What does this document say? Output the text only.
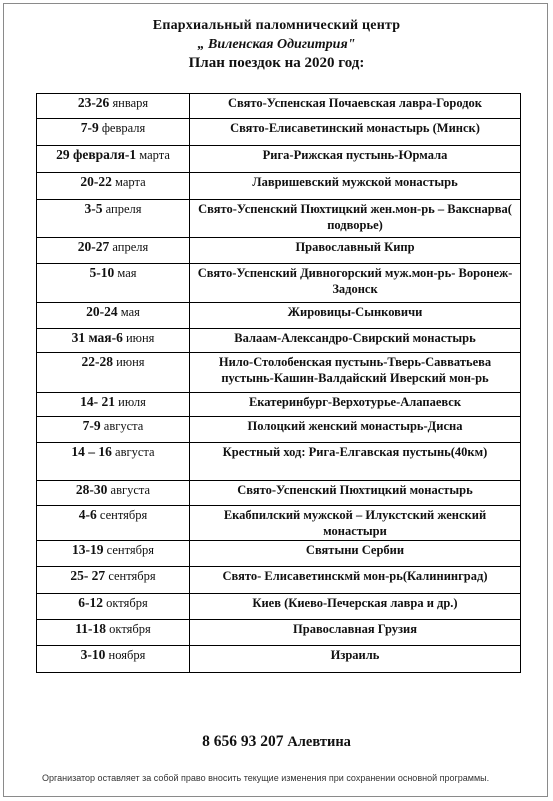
Епархиальный паломнический центр
„ Виленская Одигитрия"
План поездок на 2020 год:
23-26 января	Свято-Успенская Почаевская лавра-Городок
7-9 февраля	Свято-Елисаветинский монастырь (Минск)
29 февраля-1 марта	Рига-Рижская пустынь-Юрмала
20-22 марта	Лавришевский мужской монастырь
3-5 апреля	Свято-Успенский Пюхтицкий жен.мон-рь – Вакснарва( подворье)
20-27 апреля	Православный Кипр
5-10 мая	Свято-Успенский Дивногорский муж.мон-рь- Воронеж-Задонск
20-24 мая	Жировицы-Сынковичи
31 мая-6 июня	Валаам-Александро-Свирский монастырь
22-28 июня	Нило-Столобенская пустынь-Тверь-Савватьева пустынь-Кашин-Валдайский Иверский мон-рь
14- 21 июля	Екатеринбург-Верхотурье-Алапаевск
7-9 августа	Полоцкий женский монастырь-Дисна
14 – 16 августа	Крестный ход: Рига-Елгавская пустынь(40км)
28-30 августа	Свято-Успенский Пюхтицкий монастырь
4-6 сентября	Екабпилский мужской – Илукстский женский монастыри
13-19 сентября	Святыни Сербии
25- 27 сентября	Свято- Елисаветинскмй мон-рь(Калининград)
6-12 октября	Киев (Киево-Печерская лавра и др.)
11-18 октября	Православная Грузия
3-10 ноября	Израиль
8 656 93 207 Алевтина
Организатор оставляет за собой право вносить текущие изменения при сохранении основной программы.
